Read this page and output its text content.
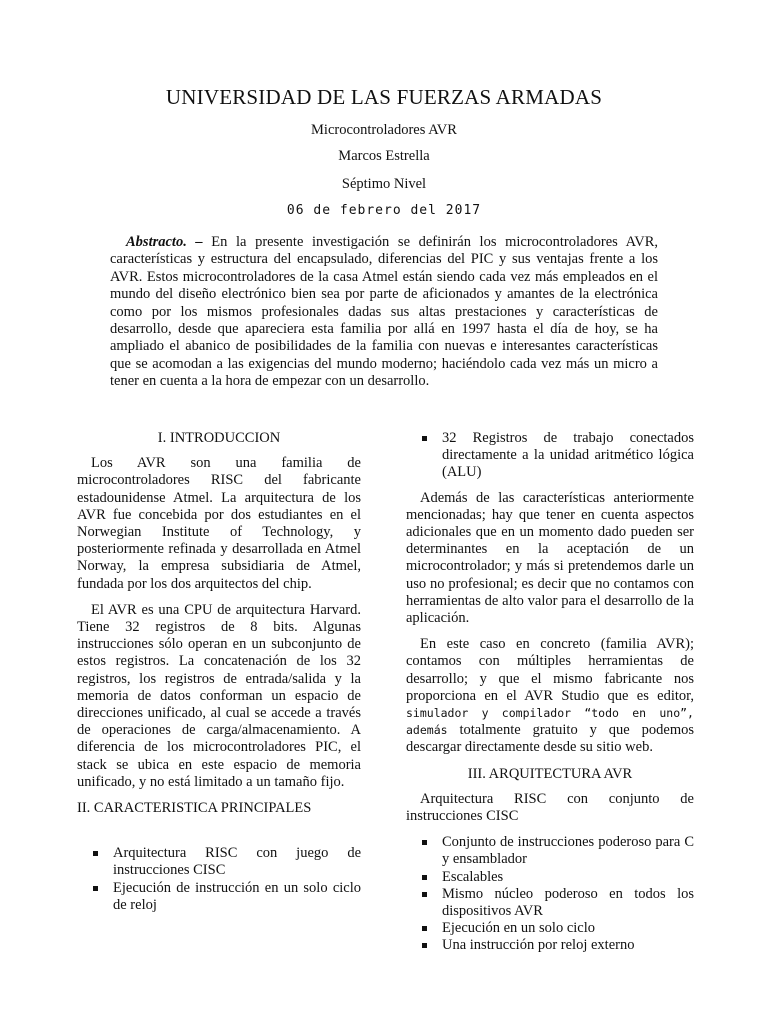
UNIVERSIDAD DE LAS FUERZAS ARMADAS
Microcontroladores AVR
Marcos Estrella
Séptimo Nivel
06 de febrero del 2017
Abstracto. – En la presente investigación se definirán los microcontroladores AVR, características y estructura del encapsulado, diferencias del PIC y sus ventajas frente a los AVR. Estos microcontroladores de la casa Atmel están siendo cada vez más empleados en el mundo del diseño electrónico bien sea por parte de aficionados y amantes de la electrónica como por los mismos profesionales dadas sus altas prestaciones y características de desarrollo, desde que apareciera esta familia por allá en 1997 hasta el día de hoy, se ha ampliado el abanico de posibilidades de la familia con nuevas e interesantes características que se acomodan a las exigencias del mundo moderno; haciéndolo cada vez más un micro a tener en cuenta a la hora de empezar con un desarrollo.
I. INTRODUCCION

Los AVR son una familia de microcontroladores RISC del fabricante estadounidense Atmel. La arquitectura de los AVR fue concebida por dos estudiantes en el Norwegian Institute of Technology, y posteriormente refinada y desarrollada en Atmel Norway, la empresa subsidiaria de Atmel, fundada por los dos arquitectos del chip.

El AVR es una CPU de arquitectura Harvard. Tiene 32 registros de 8 bits. Algunas instrucciones sólo operan en un subconjunto de estos registros. La concatenación de los 32 registros, los registros de entrada/salida y la memoria de datos conforman un espacio de direcciones unificado, al cual se accede a través de operaciones de carga/almacenamiento. A diferencia de los microcontroladores PIC, el stack se ubica en este espacio de memoria unificado, y no está limitado a un tamaño fijo.

II. CARACTERISTICA PRINCIPALES
Arquitectura RISC con juego de instrucciones CISC
Ejecución de instrucción en un solo ciclo de reloj
32 Registros de trabajo conectados directamente a la unidad aritmético lógica (ALU)

Además de las características anteriormente mencionadas; hay que tener en cuenta aspectos adicionales que en un momento dado pueden ser determinantes en la aceptación de un microcontrolador; y más si pretendemos darle un uso no profesional; es decir que no contamos con herramientas de alto valor para el desarrollo de la aplicación.

En este caso en concreto (familia AVR); contamos con múltiples herramientas de desarrollo; y que el mismo fabricante nos proporciona en el AVR Studio que es editor, simulador y compilador “todo en uno”, además totalmente gratuito y que podemos descargar directamente desde su sitio web.

III. ARQUITECTURA AVR

Arquitectura RISC con conjunto de instrucciones CISC

Conjunto de instrucciones poderoso para C y ensamblador
Escalables
Mismo núcleo poderoso en todos los dispositivos AVR
Ejecución en un solo ciclo
Una instrucción por reloj externo
